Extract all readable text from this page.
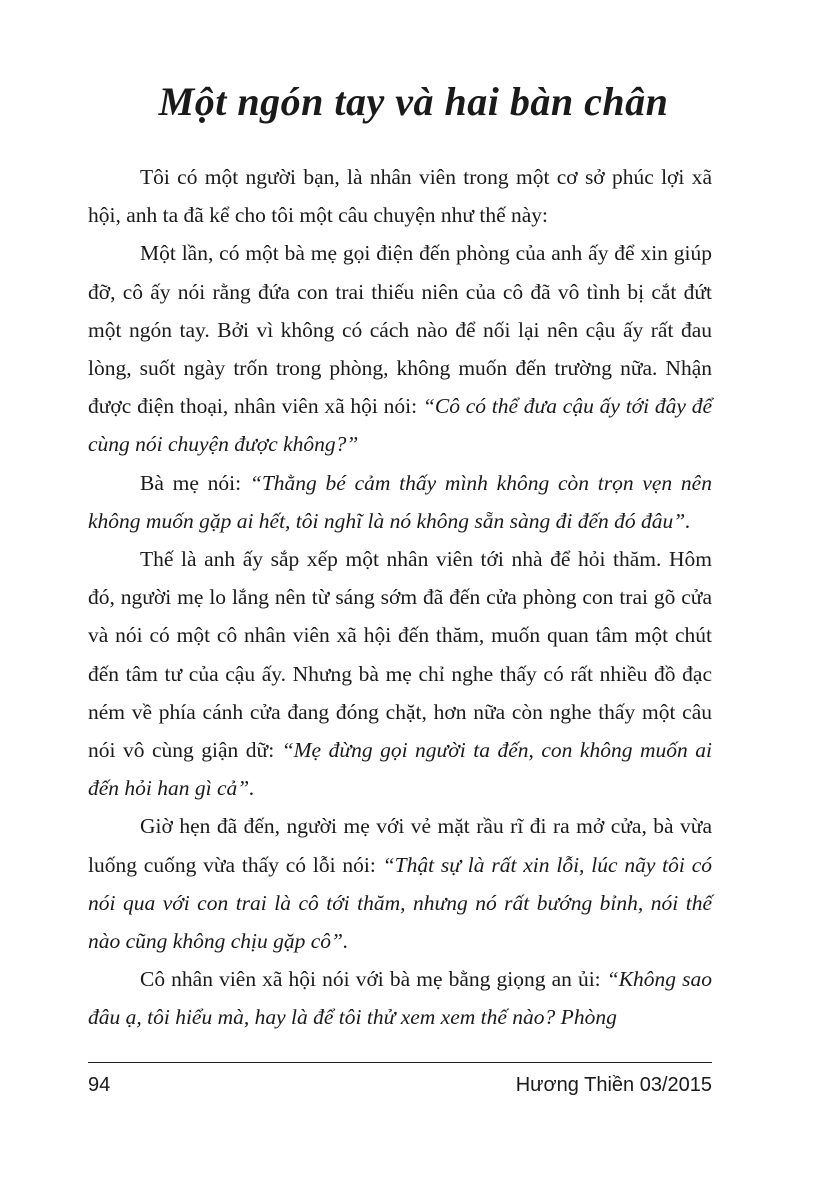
Một ngón tay và hai bàn chân

Tôi có một người bạn, là nhân viên trong một cơ sở phúc lợi xã hội, anh ta đã kể cho tôi một câu chuyện như thế này:

Một lần, có một bà mẹ gọi điện đến phòng của anh ấy để xin giúp đỡ, cô ấy nói rằng đứa con trai thiếu niên của cô đã vô tình bị cắt đứt một ngón tay. Bởi vì không có cách nào để nối lại nên cậu ấy rất đau lòng, suốt ngày trốn trong phòng, không muốn đến trường nữa. Nhận được điện thoại, nhân viên xã hội nói: “Cô có thể đưa cậu ấy tới đây để cùng nói chuyện được không?”

Bà mẹ nói: “Thằng bé cảm thấy mình không còn trọn vẹn nên không muốn gặp ai hết, tôi nghĩ là nó không sẵn sàng đi đến đó đâu”.

Thế là anh ấy sắp xếp một nhân viên tới nhà để hỏi thăm. Hôm đó, người mẹ lo lắng nên từ sáng sớm đã đến cửa phòng con trai gõ cửa và nói có một cô nhân viên xã hội đến thăm, muốn quan tâm một chút đến tâm tư của cậu ấy. Nhưng bà mẹ chỉ nghe thấy có rất nhiều đồ đạc ném về phía cánh cửa đang đóng chặt, hơn nữa còn nghe thấy một câu nói vô cùng giận dữ: “Mẹ đừng gọi người ta đến, con không muốn ai đến hỏi han gì cả”.

Giờ hẹn đã đến, người mẹ với vẻ mặt rầu rĩ đi ra mở cửa, bà vừa luống cuống vừa thấy có lỗi nói: “Thật sự là rất xin lỗi, lúc nãy tôi có nói qua với con trai là cô tới thăm, nhưng nó rất bướng bỉnh, nói thế nào cũng không chịu gặp cô”.

Cô nhân viên xã hội nói với bà mẹ bằng giọng an ủi: “Không sao đâu ạ, tôi hiểu mà, hay là để tôi thử xem xem thế nào? Phòng

94	Hương Thiền 03/2015
